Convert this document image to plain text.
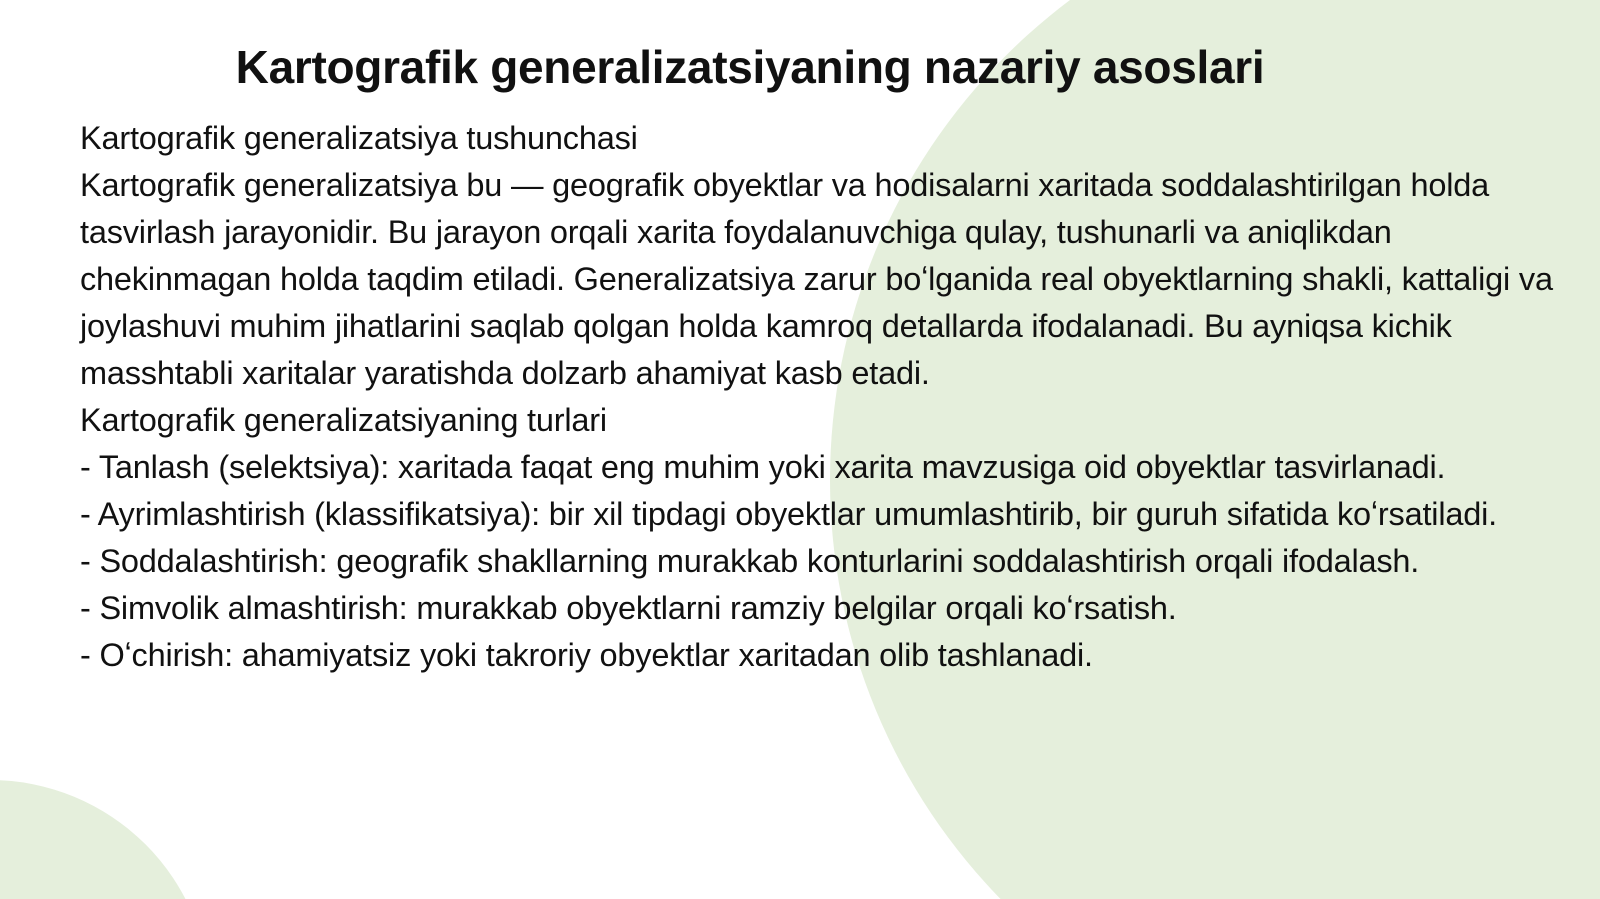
Kartografik generalizatsiyaning nazariy asoslari

Kartografik generalizatsiya tushunchasi

Kartografik generalizatsiya bu — geografik obyektlar va hodisalarni xaritada soddalashtirilgan holda tasvirlash jarayonidir. Bu jarayon orqali xarita foydalanuvchiga qulay, tushunarli va aniqlikdan chekinmagan holda taqdim etiladi. Generalizatsiya zarur boʻlganida real obyektlarning shakli, kattaligi va joylashuvi muhim jihatlarini saqlab qolgan holda kamroq detallarda ifodalanadi. Bu ayniqsa kichik masshtabli xaritalar yaratishda dolzarb ahamiyat kasb etadi.

Kartografik generalizatsiyaning turlari

- Tanlash (selektsiya): xaritada faqat eng muhim yoki xarita mavzusiga oid obyektlar tasvirlanadi.

- Ayrimlashtirish (klassifikatsiya): bir xil tipdagi obyektlar umumlashtirib, bir guruh sifatida koʻrsatiladi.

- Soddalashtirish: geografik shakllarning murakkab konturlarini soddalashtirish orqali ifodalash.

- Simvolik almashtirish: murakkab obyektlarni ramziy belgilar orqali koʻrsatish.

- Oʻchirish: ahamiyatsiz yoki takroriy obyektlar xaritadan olib tashlanadi.
